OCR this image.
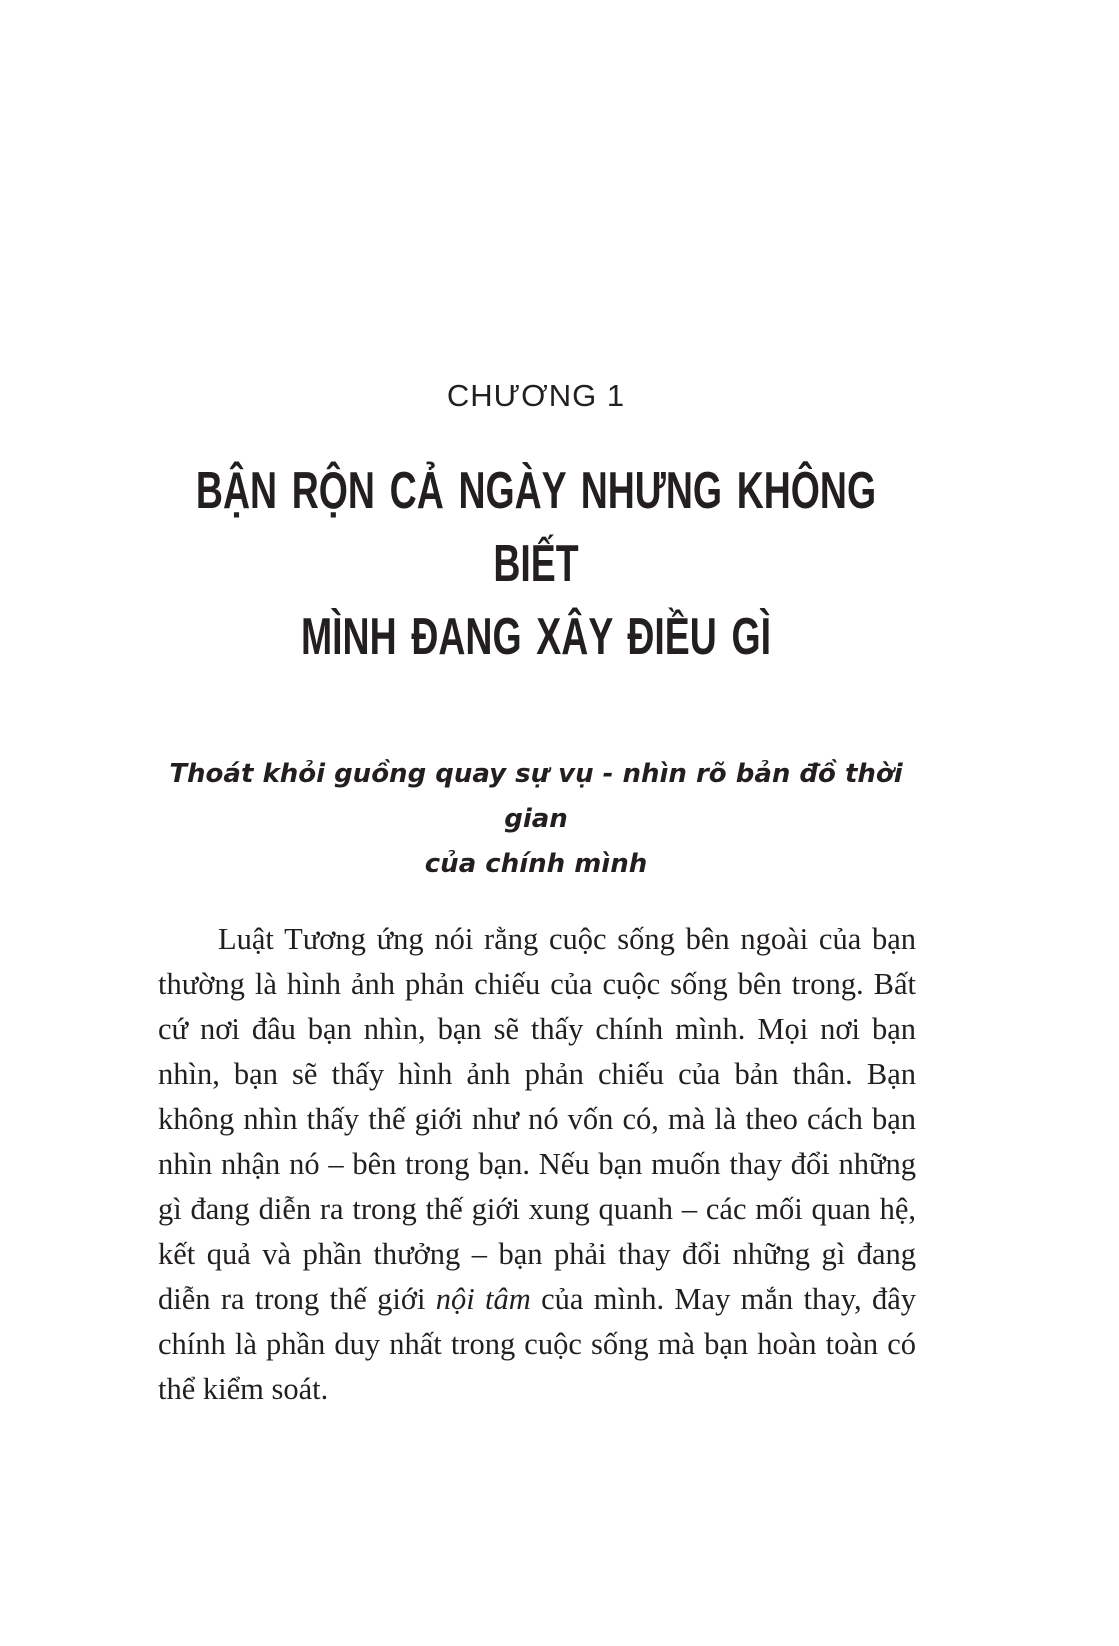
CHƯƠNG 1
BẬN RỘN CẢ NGÀY NHƯNG KHÔNG BIẾT
MÌNH ĐANG XÂY ĐIỀU GÌ
Thoát khỏi guồng quay sự vụ - nhìn rõ bản đồ thời gian
của chính mình

Luật Tương ứng nói rằng cuộc sống bên ngoài của bạn thường là hình ảnh phản chiếu của cuộc sống bên trong. Bất cứ nơi đâu bạn nhìn, bạn sẽ thấy chính mình. Mọi nơi bạn nhìn, bạn sẽ thấy hình ảnh phản chiếu của bản thân. Bạn không nhìn thấy thế giới như nó vốn có, mà là theo cách bạn nhìn nhận nó – bên trong bạn. Nếu bạn muốn thay đổi những gì đang diễn ra trong thế giới xung quanh – các mối quan hệ, kết quả và phần thưởng – bạn phải thay đổi những gì đang diễn ra trong thế giới nội tâm của mình. May mắn thay, đây chính là phần duy nhất trong cuộc sống mà bạn hoàn toàn có thể kiểm soát.
